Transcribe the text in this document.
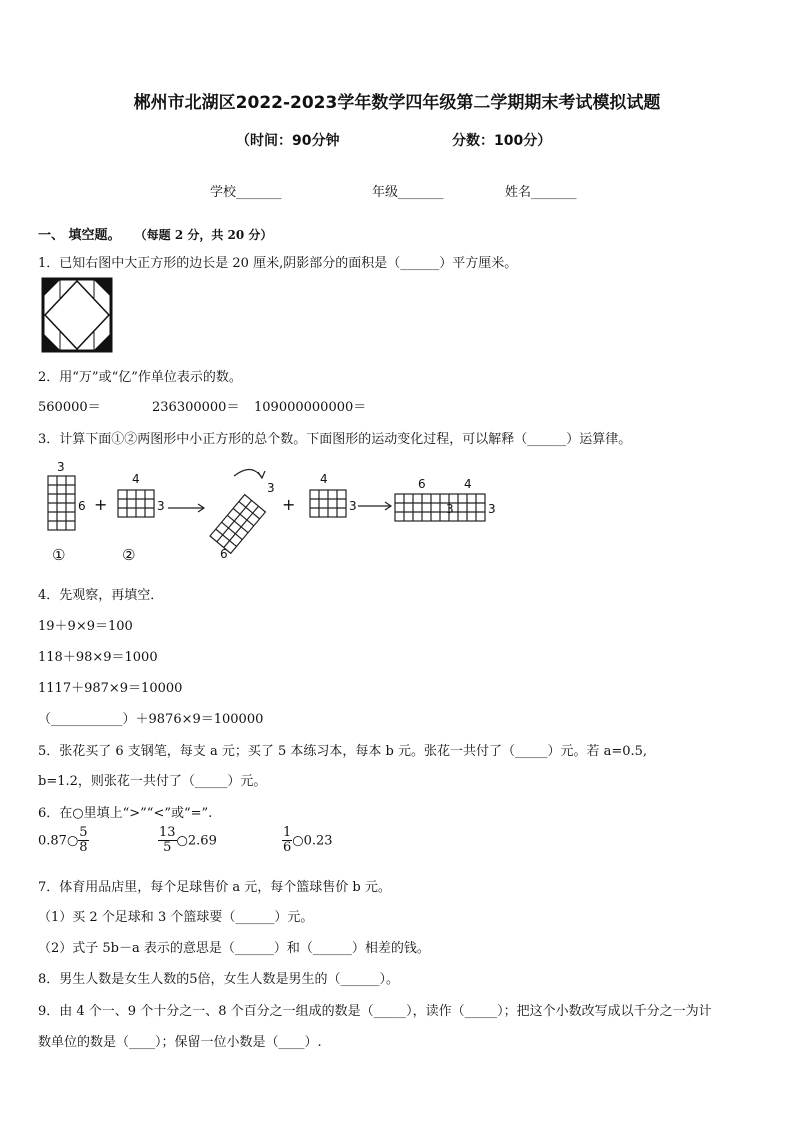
郴州市北湖区2022-2023学年数学四年级第二学期期末考试模拟试题
（时间：90分钟	分数：100分）
学校_______	年级_______	姓名_______
一、 填空题。 （每题 2 分，共 20 分）
1．已知右图中大正方形的边长是 20 厘米,阴影部分的面积是（______）平方厘米。
2．用“万”或“亿”作单位表示的数。
560000＝	236300000＝ 109000000000＝
3．计算下面①②两图形中小正方形的总个数。下面图形的运动变化过程，可以解释（______）运算律。
3
6 +
4
3
6
3
+
4
3
6	4
3	3
①	②
4．先观察，再填空．
19＋9×9＝100
118＋98×9＝1000
1117＋987×9＝10000
（___________）＋9876×9＝100000
5．张花买了 6 支钢笔，每支 a 元；买了 5 本练习本，每本 b 元。张花一共付了（_____）元。若 a=0.5,
b=1.2，则张花一共付了（_____）元。
6．在○里填上“>”“<”或“=”.
0.87○ $\frac{5}{8}$	$\frac{13}{5}$ ○2.69	$\frac{1}{6}$ ○0.23
7．体育用品店里，每个足球售价 a 元，每个篮球售价 b 元。
（1）买 2 个足球和 3 个篮球要（______）元。
（2）式子 5b－a 表示的意思是（______）和（______）相差的钱。
8．男生人数是女生人数的5倍，女生人数是男生的（______）。
9．由 4 个一、9 个十分之一、8 个百分之一组成的数是（_____），读作（_____）；把这个小数改写成以千分之一为计
数单位的数是（____）；保留一位小数是（____）.
